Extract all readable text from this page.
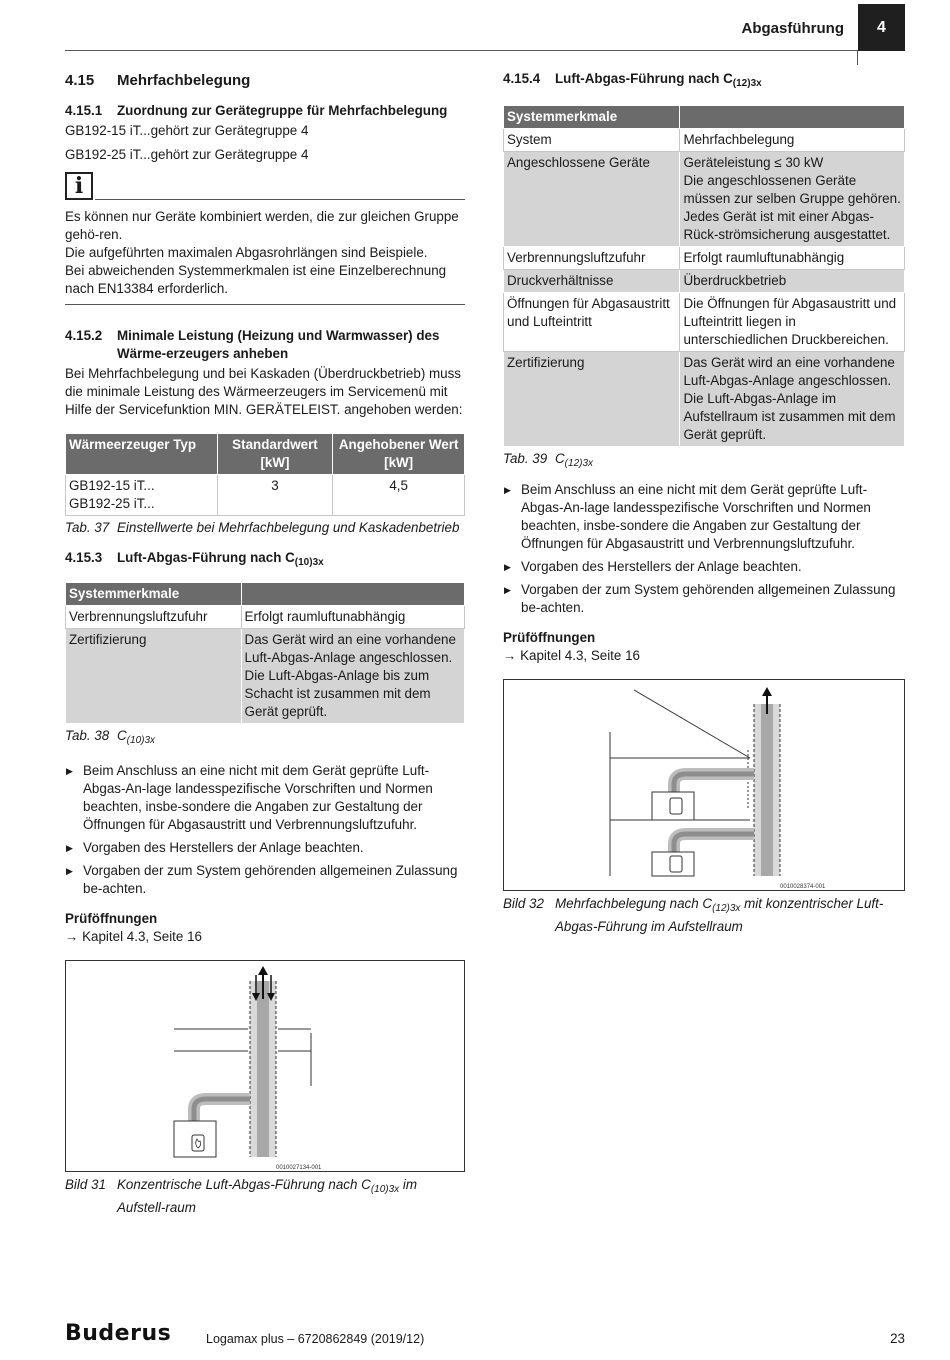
Abgasführung	4
4.15 Mehrfachbelegung
4.15.1 Zuordnung zur Gerätegruppe für Mehrfachbelegung

GB192-15 iT...gehört zur Gerätegruppe 4

GB192-25 iT...gehört zur Gerätegruppe 4

i
Es können nur Geräte kombiniert werden, die zur gleichen Gruppe gehö-ren.
Die aufgeführten maximalen Abgasrohrlängen sind Beispiele.
Bei abweichenden Systemmerkmalen ist eine Einzelberechnung nach EN13384 erforderlich.
4.15.2 Minimale Leistung (Heizung und Warmwasser) des Wärme-erzeugers anheben

Bei Mehrfachbelegung und bei Kaskaden (Überdruckbetrieb) muss die minimale Leistung des Wärmeerzeugers im Servicemenü mit Hilfe der Servicefunktion MIN. GERÄTELEIST. angehoben werden:

Wärmeerzeuger Typ	Standardwert [kW]	Angehobener Wert [kW]

GB192-15 iT...
GB192-25 iT...	3	4,5
Tab. 37 Einstellwerte bei Mehrfachbelegung und Kaskadenbetrieb
4.15.3 Luft-Abgas-Führung nach $C_{(10)3x}$
Systemmerkmale	
Verbrennungsluftzufuhr	Erfolgt raumluftunabhängig
Zertifizierung	Das Gerät wird an eine vorhandene Luft-Abgas-Anlage angeschlossen. Die Luft-Abgas-Anlage bis zum Schacht ist zusammen mit dem Gerät geprüft.
Tab. 38 $C_{(10)3x}$
▶ Beim Anschluss an eine nicht mit dem Gerät geprüfte Luft-Abgas-An-lage landesspezifische Vorschriften und Normen beachten, insbe-sondere die Angaben zur Gestaltung der Öffnungen für Abgasaustritt und Verbrennungsluftzufuhr.
▶ Vorgaben des Herstellers der Anlage beachten.
▶ Vorgaben der zum System gehörenden allgemeinen Zulassung be-achten.
Prüföffnungen
→ Kapitel 4.3, Seite 16
0010027134-001
Bild 31 Konzentrische Luft-Abgas-Führung nach $C_{(10)3x}$ im Aufstell-raum
4.15.4 Luft-Abgas-Führung nach $C_{(12)3x}$
Systemmerkmale	
System	Mehrfachbelegung
Angeschlossene Geräte	Geräteleistung ≤ 30 kW
Die angeschlossenen Geräte müssen zur selben Gruppe gehören.
Jedes Gerät ist mit einer Abgas-Rück-strömsicherung ausgestattet.
Verbrennungsluftzufuhr	Erfolgt raumluftunabhängig
Druckverhältnisse	Überdruckbetrieb
Öffnungen für Abgasaustritt und Lufteintritt	Die Öffnungen für Abgasaustritt und Lufteintritt liegen in unterschiedlichen Druckbereichen.
Zertifizierung	Das Gerät wird an eine vorhandene Luft-Abgas-Anlage angeschlossen.
Die Luft-Abgas-Anlage im Aufstellraum ist zusammen mit dem Gerät geprüft.
Tab. 39 $C_{(12)3x}$
▶ Beim Anschluss an eine nicht mit dem Gerät geprüfte Luft-Abgas-An-lage landesspezifische Vorschriften und Normen beachten, insbe-sondere die Angaben zur Gestaltung der Öffnungen für Abgasaustritt und Verbrennungsluftzufuhr.
▶ Vorgaben des Herstellers der Anlage beachten.
▶ Vorgaben der zum System gehörenden allgemeinen Zulassung be-achten.
Prüföffnungen
→ Kapitel 4.3, Seite 16
0010028374-001
Bild 32 Mehrfachbelegung nach $C_{(12)3x}$ mit konzentrischer Luft-Abgas-Führung im Aufstellraum
Buderus	Logamax plus – 6720862849 (2019/12)	23
